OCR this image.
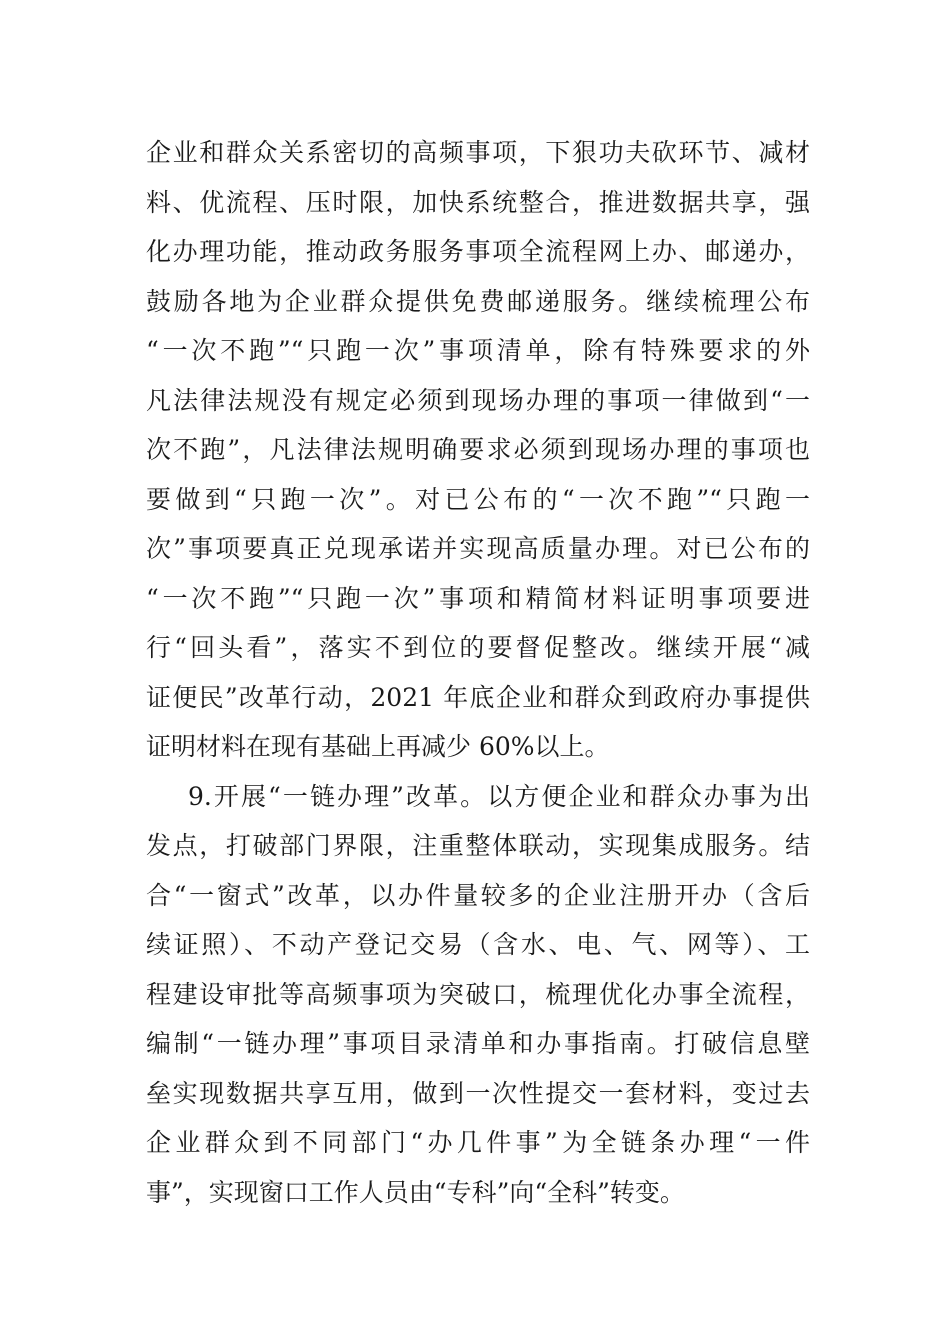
企业和群众关系密切的高频事项，下狠功夫砍环节、减材
料、优流程、压时限，加快系统整合，推进数据共享，强
化办理功能，推动政务服务事项全流程网上办、邮递办，
鼓励各地为企业群众提供免费邮递服务。继续梳理公布
“一次不跑”“只跑一次”事项清单，除有特殊要求的外
凡法律法规没有规定必须到现场办理的事项一律做到“一
次不跑”，凡法律法规明确要求必须到现场办理的事项也
要做到“只跑一次”。对已公布的“一次不跑”“只跑一
次”事项要真正兑现承诺并实现高质量办理。对已公布的
“一次不跑”“只跑一次”事项和精简材料证明事项要进
行“回头看”，落实不到位的要督促整改。继续开展“减
证便民”改革行动，2021 年底企业和群众到政府办事提供
证明材料在现有基础上再减少 60%以上。
9.开展“一链办理”改革。以方便企业和群众办事为出
发点，打破部门界限，注重整体联动，实现集成服务。结
合“一窗式”改革，以办件量较多的企业注册开办（含后
续证照）、不动产登记交易（含水、电、气、网等）、工
程建设审批等高频事项为突破口，梳理优化办事全流程，
编制“一链办理”事项目录清单和办事指南。打破信息壁
垒实现数据共享互用，做到一次性提交一套材料，变过去
企业群众到不同部门“办几件事”为全链条办理“一件
事”，实现窗口工作人员由“专科”向“全科”转变。
